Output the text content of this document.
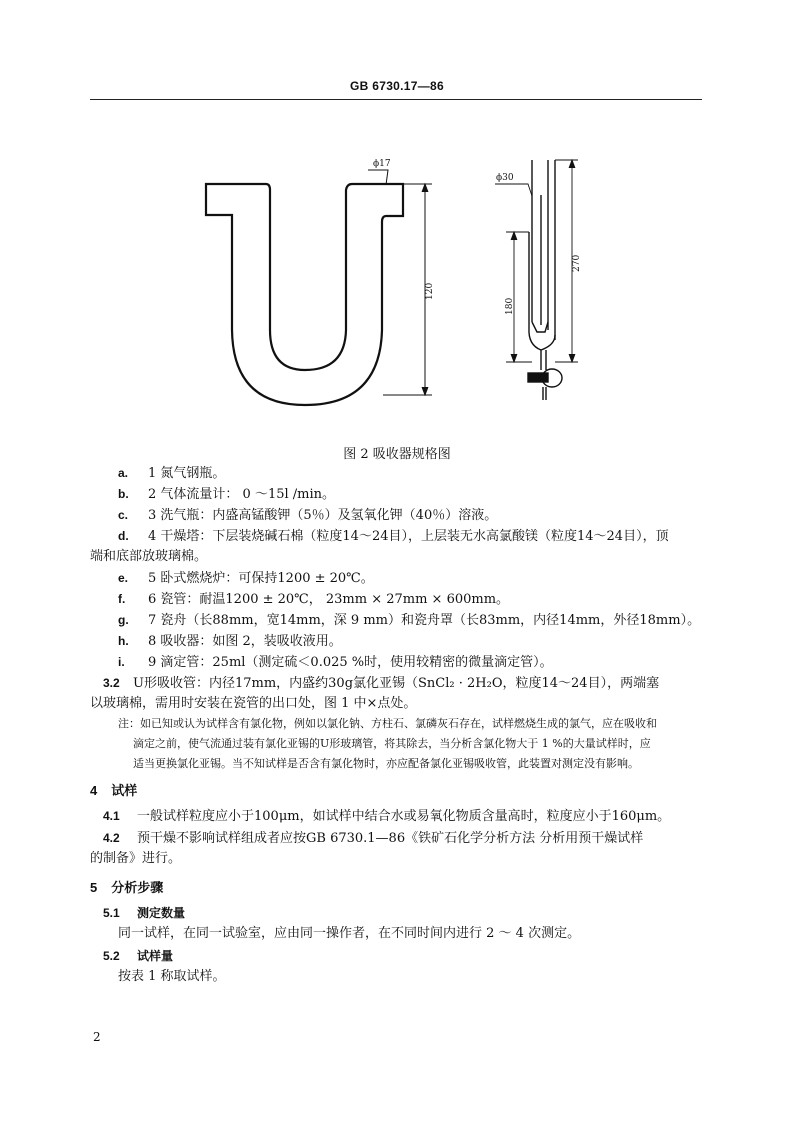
GB 6730.17—86
ϕ17
120
ϕ30
270
180
图 2 吸收器规格图
a. 1 氮气钢瓶。
b. 2 气体流量计： 0 ～15l /min。
c. 3 洗气瓶：内盛高锰酸钾（5％）及氢氧化钾（40％）溶液。
d. 4 干燥塔：下层装烧碱石棉（粒度14～24目），上层装无水高氯酸镁（粒度14～24目），顶
端和底部放玻璃棉。
e. 5 卧式燃烧炉：可保持1200 ± 20℃。
f. 6 瓷管：耐温1200 ± 20℃， 23mm × 27mm × 600mm。
g. 7 瓷舟（长88mm，宽14mm，深 9 mm）和瓷舟罩（长83mm，内径14mm，外径18mm）。
h. 8 吸收器：如图 2，装吸收液用。
i. 9 滴定管：25ml（测定硫＜0.025 %时，使用较精密的微量滴定管）。
3.2 U形吸收管：内径17mm，内盛约30g氯化亚锡（SnCl₂ · 2H₂O，粒度14～24目），两端塞
以玻璃棉，需用时安装在瓷管的出口处，图 1 中×点处。
注：如已知或认为试样含有氯化物，例如以氯化钠、方柱石、氯磷灰石存在，试样燃烧生成的氯气，应在吸收和
滴定之前，使气流通过装有氯化亚锡的U形玻璃管，将其除去，当分析含氯化物大于 1 %的大量试样时，应
适当更换氯化亚锡。当不知试样是否含有氯化物时，亦应配备氯化亚锡吸收管，此装置对测定没有影响。
4 试样
4.1 一般试样粒度应小于100μm，如试样中结合水或易氧化物质含量高时，粒度应小于160μm。
4.2 预干燥不影响试样组成者应按GB 6730.1—86《铁矿石化学分析方法 分析用预干燥试样
的制备》进行。
5 分析步骤
5.1 测定数量
同一试样，在同一试验室，应由同一操作者，在不同时间内进行 2 ～ 4 次测定。
5.2 试样量
按表 1 称取试样。
2
